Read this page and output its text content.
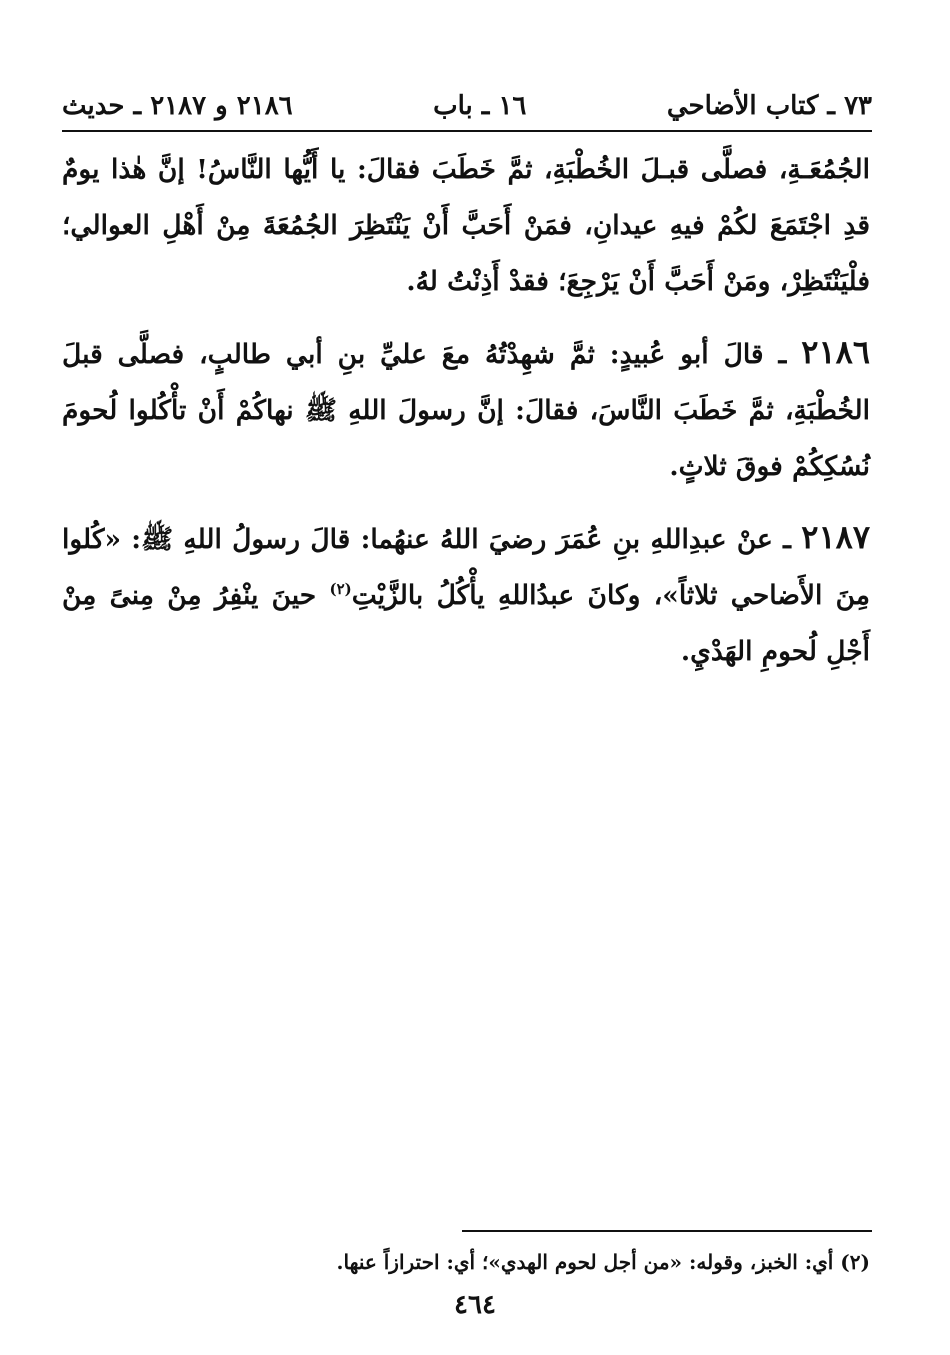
٧٣ ـ كتاب الأضاحي
١٦ ـ باب
٢١٨٦ و ٢١٨٧ ـ حديث

الجُمُعَـةِ، فصلَّى قبـلَ الخُطْبَةِ، ثمَّ خَطَبَ فقالَ: يا أَيُّها النَّاسُ! إنَّ هٰذا يومٌ قدِ اجْتَمَعَ لكُمْ فيهِ عيدانِ، فمَنْ أَحَبَّ أَنْ يَنْتَظِرَ الجُمُعَةَ مِنْ أَهْلِ العوالي؛ فلْيَنْتَظِرْ، ومَنْ أَحَبَّ أَنْ يَرْجِعَ؛ فقدْ أَذِنْتُ لهُ.

٢١٨٦ ـ قالَ أبو عُبيدٍ: ثمَّ شهِدْتُهُ معَ عليِّ بنِ أبي طالبٍ، فصلَّى قبلَ الخُطْبَةِ، ثمَّ خَطَبَ النَّاسَ، فقالَ: إنَّ رسولَ اللهِ ﷺ نهاكُمْ أَنْ تأْكُلوا لُحومَ نُسُكِكُمْ فوقَ ثلاثٍ.

٢١٨٧ ـ عنْ عبدِاللهِ بنِ عُمَرَ رضيَ اللهُ عنهُما: قالَ رسولُ اللهِ ﷺ: «كُلوا مِنَ الأَضاحي ثلاثاً»، وكانَ عبدُاللهِ يأْكُلُ بالزَّيْتِ$^{(٢)}$ حينَ ينْفِرُ مِنْ مِنىً مِنْ أَجْلِ لُحومِ الهَدْيِ.

(٢) أي: الخبز، وقوله: «من أجل لحوم الهدي»؛ أي: احترازاً عنها.
٤٦٤
